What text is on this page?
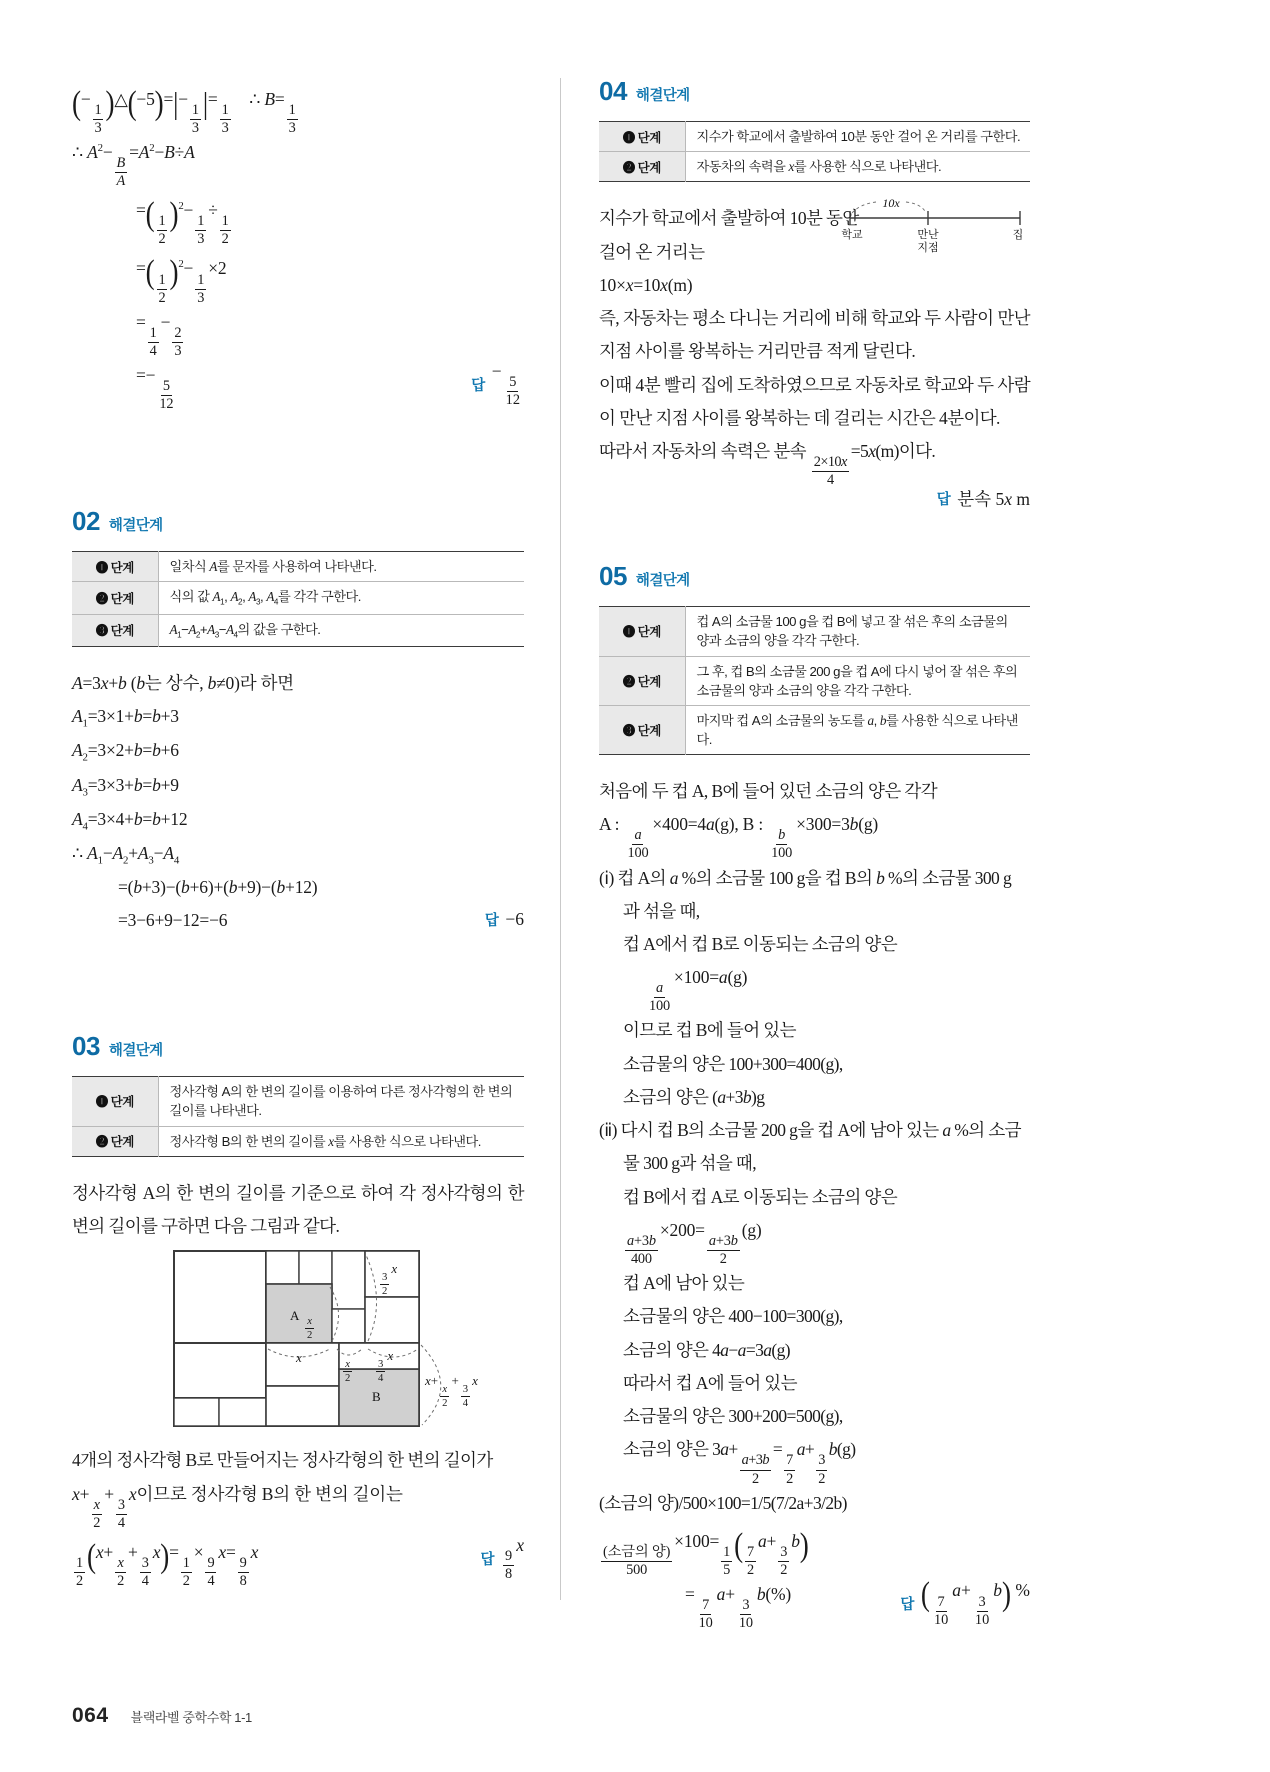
(−
$\frac{1}{3}$ )△(−5)=|−
$\frac{1}{3}$ |=
$\frac{1}{3}$
∴ B=
$\frac{1}{3}$

∴ $A^2-$
$\frac{B}{A}$
$=A^2-B\div A$

=( $\frac{1}{2} )^2-$
$\frac{1}{3}$
÷
$\frac{1}{2}$

=( $\frac{1}{2} )^2-$
$\frac{1}{3}$
×2

=
$\frac{1}{4}$
−
$\frac{2}{3}$

=−
$\frac{5}{12}$	답
−
$\frac{5}{12}$
02 해결단계
❶ 단계	일차식 A를 문자를 사용하여 나타낸다.
❷ 단계	식의 값 $A_1$, $A_2$, $A_3$, $A_4$를 각각 구한다.
❸ 단계	$A_1-A_2+A_3-A_4$의 값을 구한다.

A=3x+b (b는 상수, b≠0)라 하면

$A_1=3\times 1+b=b+3$

$A_2=3\times 2+b=b+6$

$A_3=3\times 3+b=b+9$

$A_4=3\times 4+b=b+12$

∴ $A_1-A_2+A_3-A_4$

=(b+3)−(b+6)+(b+9)−(b+12)

=3−6+9−12=−6	답 −6
03 해결단계
❶ 단계	정사각형 A의 한 변의 길이를 이용하여 다른 정사각형의 한 변의 길이를 나타낸다.
❷ 단계	정사각형 B의 한 변의 길이를 x를 사용한 식으로 나타낸다.

정사각형 A의 한 변의 길이를 기준으로 하여 각 정사각형의 한 변의 길이를 구하면 다음 그림과 같다.

A
B
$\frac{x}{2}$
$\frac{3}{2}$
x
x
$\frac{x}{2} \frac{3}{4}$
x
x+
$\frac{x}{2}$
+
$\frac{3}{4}$
x

4개의 정사각형 B로 만들어지는 정사각형의 한 변의 길이가

x+
$\frac{x}{2}$
+
$\frac{3}{4}$
x이므로 정사각형 B의 한 변의 길이는

$\frac{1}{2} (x+$
$\frac{x}{2}$
+
$\frac{3}{4}$
x)=
$\frac{1}{2}$
×
$\frac{9}{4}$
x=
$\frac{9}{8}$
x	답 $\frac{9}{8}$
x
04 해결단계
❶ 단계	지수가 학교에서 출발하여 10분 동안 걸어 온 거리를 구한다.
❷ 단계	자동차의 속력을 x를 사용한 식으로 나타낸다.
10x
학교	만난
지점
집

지수가 학교에서 출발하여 10분 동안

걸어 온 거리는

10×x=10x(m)

즉, 자동차는 평소 다니는 거리에 비해 학교와 두 사람이 만난 지점 사이를 왕복하는 거리만큼 적게 달린다.

이때 4분 빨리 집에 도착하였으므로 자동차로 학교와 두 사람이 만난 지점 사이를 왕복하는 데 걸리는 시간은 4분이다.

따라서 자동차의 속력은 분속
$\frac{2\times 10x}{4}$
=5x(m)이다.

답 분속 5x m
05 해결단계
❶ 단계	컵 A의 소금물 100 g을 컵 B에 넣고 잘 섞은 후의 소금물의 양과 소금의 양을 각각 구한다.
❷ 단계	그 후, 컵 B의 소금물 200 g을 컵 A에 다시 넣어 잘 섞은 후의 소금물의 양과 소금의 양을 각각 구한다.
❸ 단계	마지막 컵 A의 소금물의 농도를 a, b를 사용한 식으로 나타낸다.

처음에 두 컵 A, B에 들어 있던 소금의 양은 각각

A :
$\frac{a}{100}$
×400=4a(g), B :
$\frac{b}{100}$
×300=3b(g)

(ⅰ) 컵 A의 a %의 소금물 100 g을 컵 B의 b %의 소금물 300 g

과 섞을 때,

컵 A에서 컵 B로 이동되는 소금의 양은

$\frac{a}{100}$
×100=a(g)

이므로 컵 B에 들어 있는

소금물의 양은 100+300=400(g),

소금의 양은 (a+3b)g

(ⅱ) 다시 컵 B의 소금물 200 g을 컵 A에 남아 있는 a %의 소금

물 300 g과 섞을 때,

컵 B에서 컵 A로 이동되는 소금의 양은

$\frac{a+3b}{400}$
×200=
$\frac{a+3b}{2}$
(g)

컵 A에 남아 있는

소금물의 양은 400−100=300(g),

소금의 양은 4a−a=3a(g)

따라서 컵 A에 들어 있는

소금물의 양은 300+200=500(g),

소금의 양은 3a+
$\frac{a+3b}{2}$
=
$\frac{7}{2}$
a+
$\frac{3}{2}$
b(g)

(소금의 양)/500×100=1/5(7/2a+3/2b)

$\frac{\text{(소금의 양)}}{500}$
×100=
$\frac{1}{5}$ ( $\frac{7}{2}$
a+
$\frac{3}{2}$
b)

=
$\frac{7}{10}$
a+
$\frac{3}{10}$
b(%)

답 ( $\frac{7}{10}$
a+
$\frac{3}{10}$
b) %
064 블랙라벨 중학수학 1-1
